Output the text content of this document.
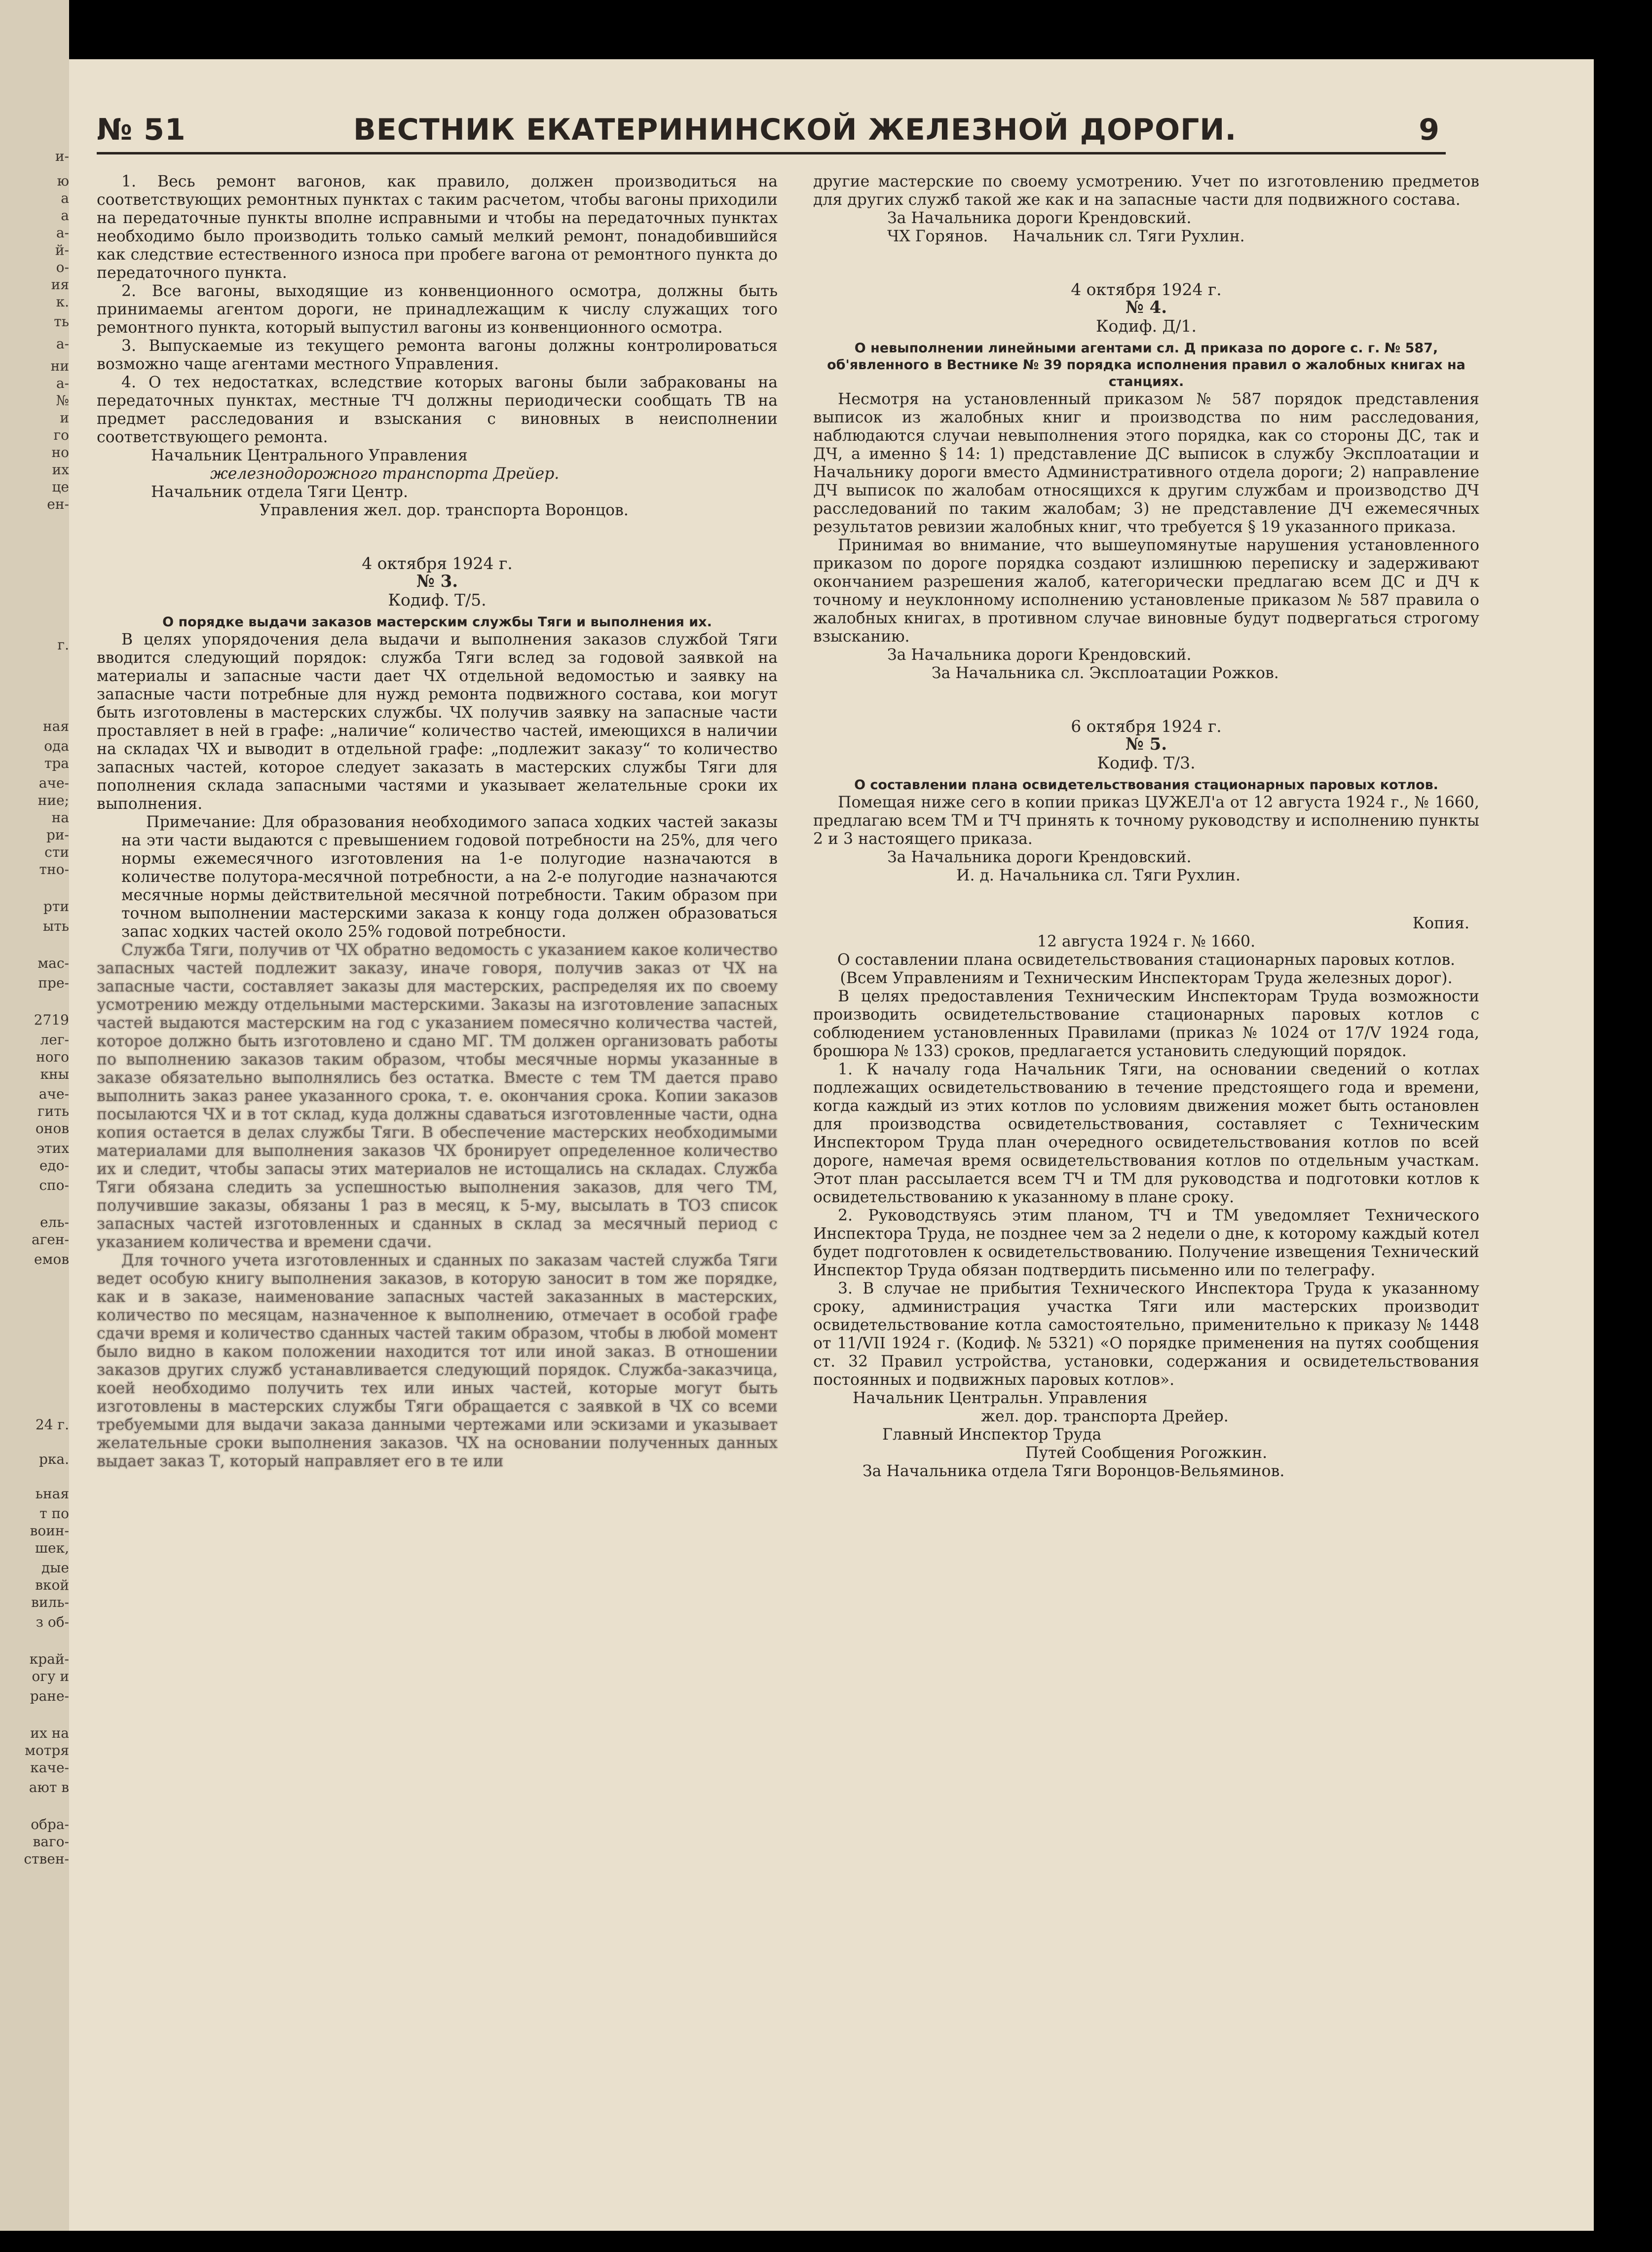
и-
ю
а
а
а-
й-
о-
ия
к.
ть
а-
ни
а-
№
и
го
но
их
це
ен-
г.
ная
ода
тра
аче-
ние;
на
ри-
сти
тно-
рти
ыть
мас-
пре-
2719
лег-
ного
кны
аче-
гить
онов
этих
едо-
спо-
ель-
аген-
емов
24 г.
рка.
ьная
т по
воин-
шек,
дые
вкой
виль-
з об-
край-
огу и
ране-
их на
мотря
каче-
ают в
обра-
ваго-
ствен-
№ 51	ВЕСТНИК ЕКАТЕРИНИНСКОЙ ЖЕЛЕЗНОЙ ДОРОГИ.	9

1. Весь ремонт вагонов, как правило, должен производиться на соответствующих ремонтных пунктах с таким расчетом, чтобы вагоны приходили на передаточные пункты вполне исправными и чтобы на передаточных пунктах необходимо было производить только самый мелкий ремонт, понадобившийся как следствие естественного износа при пробеге вагона от ремонтного пункта до передаточного пункта.

2. Все вагоны, выходящие из конвенционного осмотра, должны быть принимаемы агентом дороги, не принадлежащим к числу служащих того ремонтного пункта, который выпустил вагоны из конвенционного осмотра.

3. Выпускаемые из текущего ремонта вагоны должны контролироваться возможно чаще агентами местного Управления.

4. О тех недостатках, вследствие которых вагоны были забракованы на передаточных пунктах, местные ТЧ должны периодически сообщать ТВ на предмет расследования и взыскания с виновных в неисполнении соответствующего ремонта.

Начальник Центрального Управления

железнодорожного транспорта Дрейер.

Начальник отдела Тяги Центр.

Управления жел. дор. транспорта Воронцов.

4 октября 1924 г.

№ 3.

Кодиф. Т/5.

О порядке выдачи заказов мастерским службы Тяги и выполнения их.

В целях упорядочения дела выдачи и выполнения заказов службой Тяги вводится следующий порядок: служба Тяги вслед за годовой заявкой на материалы и запасные части дает ЧХ отдельной ведомостью и заявку на запасные части потребные для нужд ремонта подвижного состава, кои могут быть изготовлены в мастерских службы. ЧХ получив заявку на запасные части проставляет в ней в графе: „наличие“ количество частей, имеющихся в наличии на складах ЧХ и выводит в отдельной графе: „подлежит заказу“ то количество запасных частей, которое следует заказать в мастерских службы Тяги для пополнения склада запасными частями и указывает желательные сроки их выполнения.

Примечание: Для образования необходимого запаса ходких частей заказы на эти части выдаются с превышением годовой потребности на 25%, для чего нормы ежемесячного изготовления на 1-е полугодие назначаются в количестве полутора-месячной потребности, а на 2-е полугодие назначаются месячные нормы действительной месячной потребности. Таким образом при точном выполнении мастерскими заказа к концу года должен образоваться запас ходких частей около 25% годовой потребности.

Служба Тяги, получив от ЧХ обратно ведомость с указанием какое количество запасных частей подлежит заказу, иначе говоря, получив заказ от ЧХ на запасные части, составляет заказы для мастерских, распределяя их по своему усмотрению между отдельными мастерскими. Заказы на изготовление запасных частей выдаются мастерским на год с указанием помесячно количества частей, которое должно быть изготовлено и сдано МГ. ТМ должен организовать работы по выполнению заказов таким образом, чтобы месячные нормы указанные в заказе обязательно выполнялись без остатка. Вместе с тем ТМ дается право выполнить заказ ранее указанного срока, т. е. окончания срока. Копии заказов посылаются ЧХ и в тот склад, куда должны сдаваться изготовленные части, одна копия остается в делах службы Тяги. В обеспечение мастерских необходимыми материалами для выполнения заказов ЧХ бронирует определенное количество их и следит, чтобы запасы этих материалов не истощались на складах. Служба Тяги обязана следить за успешностью выполнения заказов, для чего ТМ, получившие заказы, обязаны 1 раз в месяц, к 5-му, высылать в ТОЗ список запасных частей изготовленных и сданных в склад за месячный период с указанием количества и времени сдачи.

Для точного учета изготовленных и сданных по заказам частей служба Тяги ведет особую книгу выполнения заказов, в которую заносит в том же порядке, как и в заказе, наименование запасных частей заказанных в мастерских, количество по месяцам, назначенное к выполнению, отмечает в особой графе сдачи время и количество сданных частей таким образом, чтобы в любой момент было видно в каком положении находится тот или иной заказ. В отношении заказов других служб устанавливается следующий порядок. Служба-заказчица, коей необходимо получить тех или иных частей, которые могут быть изготовлены в мастерских службы Тяги обращается с заявкой в ЧХ со всеми требуемыми для выдачи заказа данными чертежами или эскизами и указывает желательные сроки выполнения заказов. ЧХ на основании полученных данных выдает заказ Т, который направляет его в те или

другие мастерские по своему усмотрению. Учет по изготовлению предметов для других служб такой же как и на запасные части для подвижного состава.

За Начальника дороги Крендовский.

ЧХ Горянов.     Начальник сл. Тяги Рухлин.

4 октября 1924 г.

№ 4.

Кодиф. Д/1.

О невыполнении линейными агентами сл. Д приказа по дороге с. г. № 587, об'явленного в Вестнике № 39 порядка исполнения правил о жалобных книгах на станциях.

Несмотря на установленный приказом № 587 порядок представления выписок из жалобных книг и производства по ним расследования, наблюдаются случаи невыполнения этого порядка, как со стороны ДС, так и ДЧ, а именно § 14: 1) представление ДС выписок в службу Эксплоатации и Начальнику дороги вместо Административного отдела дороги; 2) направление ДЧ выписок по жалобам относящихся к другим службам и производство ДЧ расследований по таким жалобам; 3) не представление ДЧ ежемесячных результатов ревизии жалобных книг, что требуется § 19 указанного приказа.

Принимая во внимание, что вышеупомянутые нарушения установленного приказом по дороге порядка создают излишнюю переписку и задерживают окончанием разрешения жалоб, категорически предлагаю всем ДС и ДЧ к точному и неуклонному исполнению установленые приказом № 587 правила о жалобных книгах, в противном случае виновные будут подвергаться строгому взысканию.

За Начальника дороги Крендовский.

За Начальника сл. Эксплоатации Рожков.

6 октября 1924 г.

№ 5.

Кодиф. Т/3.

О составлении плана освидетельствования стационарных паровых котлов.

Помещая ниже сего в копии приказ ЦУЖЕЛ'а от 12 августа 1924 г., № 1660, предлагаю всем ТМ и ТЧ принять к точному руководству и исполнению пункты 2 и 3 настоящего приказа.

За Начальника дороги Крендовский.

И. д. Начальника сл. Тяги Рухлин.

Копия.

12 августа 1924 г. № 1660.

О составлении плана освидетельствования стационарных паровых котлов.

(Всем Управлениям и Техническим Инспекторам Труда железных дорог).

В целях предоставления Техническим Инспекторам Труда возможности производить освидетельствование стационарных паровых котлов с соблюдением установленных Правилами (приказ № 1024 от 17/V 1924 года, брошюра № 133) сроков, предлагается установить следующий порядок.

1. К началу года Начальник Тяги, на основании сведений о котлах подлежащих освидетельствованию в течение предстоящего года и времени, когда каждый из этих котлов по условиям движения может быть остановлен для производства освидетельствования, составляет с Техническим Инспектором Труда план очередного освидетельствования котлов по всей дороге, намечая время освидетельствования котлов по отдельным участкам. Этот план рассылается всем ТЧ и ТМ для руководства и подготовки котлов к освидетельствованию к указанному в плане сроку.

2. Руководствуясь этим планом, ТЧ и ТМ уведомляет Технического Инспектора Труда, не позднее чем за 2 недели о дне, к которому каждый котел будет подготовлен к освидетельствованию. Получение извещения Технический Инспектор Труда обязан подтвердить письменно или по телеграфу.

3. В случае не прибытия Технического Инспектора Труда к указанному сроку, администрация участка Тяги или мастерских производит освидетельствование котла самостоятельно, применительно к приказу № 1448 от 11/VII 1924 г. (Кодиф. № 5321) «О порядке применения на путях сообщения ст. 32 Правил устройства, установки, содержания и освидетельствования постоянных и подвижных паровых котлов».

Начальник Центральн. Управления

жел. дор. транспорта Дрейер.

Главный Инспектор Труда

Путей Сообщения Рогожкин.

За Начальника отдела Тяги Воронцов-Вельяминов.
